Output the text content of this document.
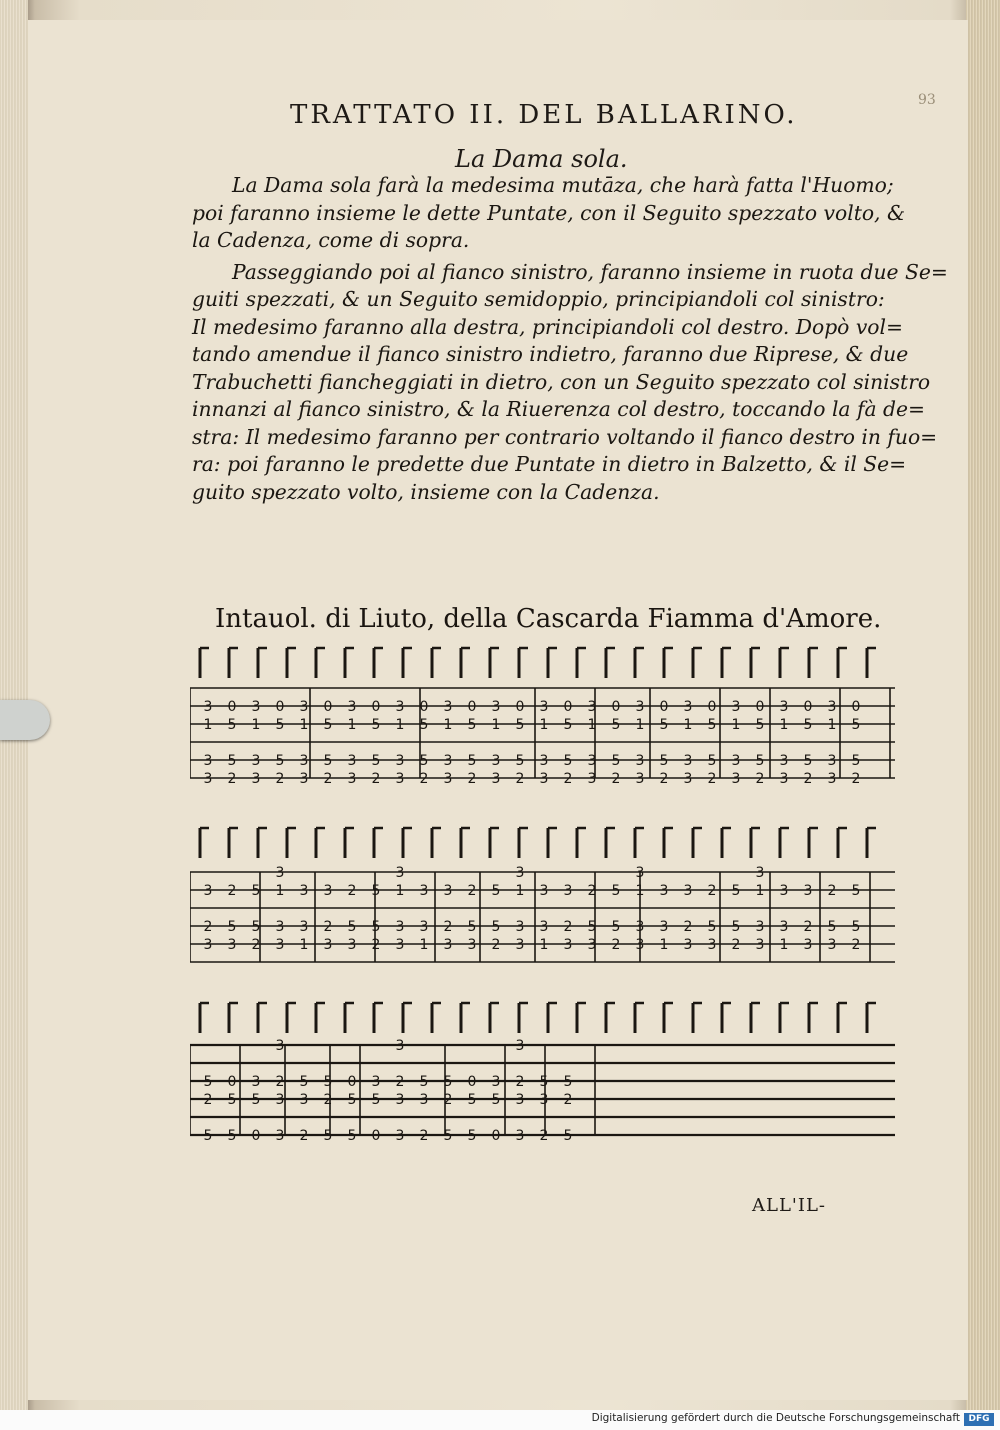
93
TRATTATO II. DEL BALLARINO.
La Dama sola.

La Dama sola farà la medesima mutāza, che harà fatta l'Huomo;

poi faranno insieme le dette Puntate, con il Seguito spezzato volto, &

la Cadenza, come di sopra.

Passeggiando poi al fianco sinistro, faranno insieme in ruota due Se=

guiti spezzati, & un Seguito semidoppio, principiandoli col sinistro:

Il medesimo faranno alla destra, principiandoli col destro. Dopò vol=

tando amendue il fianco sinistro indietro, faranno due Riprese, & due

Trabuchetti fiancheggiati in dietro, con un Seguito spezzato col sinistro

innanzi al fianco sinistro, & la Riuerenza col destro, toccando la fà de=

stra: Il medesimo faranno per contrario voltando il fianco destro in fuo=

ra: poi faranno le predette due Puntate in dietro in Balzetto, & il Se=

guito spezzato volto, insieme con la Cadenza.

Intauol. di Liuto, della Cascarda Fiamma d'Amore.
3
1
3
3
0
5
5
2
3
1
3
3
0
5
5
2
3
1
3
3
0
5
5
2
3
1
3
3
0
5
5
2
3
1
3
3
0
5
5
2
3
1
3
3
0
5
5
2
3
1
3
3
0
5
5
2
3
1
3
3
0
5
5
2
3
1
3
3
0
5
5
2
3
1
3
3
0
5
5
2
3
1
3
3
0
5
5
2
3
1
3
3
0
5
5
2
3
1
3
3
0
5
5
2
3
1
3
3
0
5
5
2
3
2
3
2
5
3
5
5
2
3
1
3
3
3
3
1
3
2
3
2
5
3
5
5
2
3
1
3
3
3
3
1
3
2
3
2
5
3
5
5
2
3
1
3
3
3
3
1
3
2
3
2
5
3
5
5
2
3
1
3
3
3
3
1
3
2
3
2
5
3
5
5
2
3
1
3
3
3
3
1
3
2
3
2
5
3
5
5
2
5
2
5
0
5
5
3
5
0
3
2
3
3
5
3
2
5
2
5
0
5
5
3
5
0
3
2
3
3
5
3
2
5
2
5
0
5
5
3
5
0
3
2
3
3
5
3
2
5
2
5
ALL'IL-
Digitalisierung gefördert durch die Deutsche Forschungsgemeinschaft DFG
